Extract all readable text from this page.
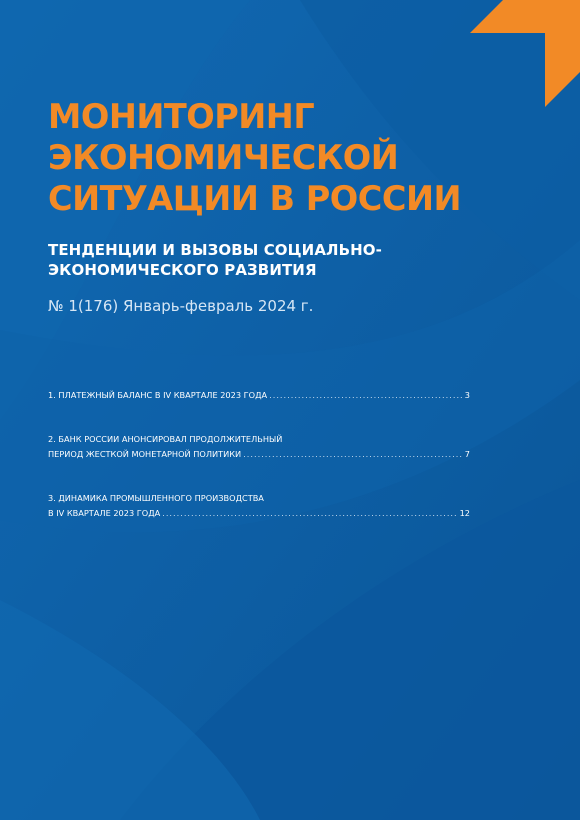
МОНИТОРИНГ
ЭКОНОМИЧЕСКОЙ
СИТУАЦИИ В РОССИИ
ТЕНДЕНЦИИ И ВЫЗОВЫ СОЦИАЛЬНО-
ЭКОНОМИЧЕСКОГО РАЗВИТИЯ
№ 1(176) Январь-февраль 2024 г.
1. ПЛАТЕЖНЫЙ БАЛАНС В IV КВАРТАЛЕ 2023 ГОДА .....	3
2. БАНК РОССИИ АНОНСИРОВАЛ ПРОДОЛЖИТЕЛЬНЫЙ
ПЕРИОД ЖЕСТКОЙ МОНЕТАРНОЙ ПОЛИТИКИ .....	7
3. ДИНАМИКА ПРОМЫШЛЕННОГО ПРОИЗВОДСТВА
В IV КВАРТАЛЕ 2023 ГОДА .....	12
